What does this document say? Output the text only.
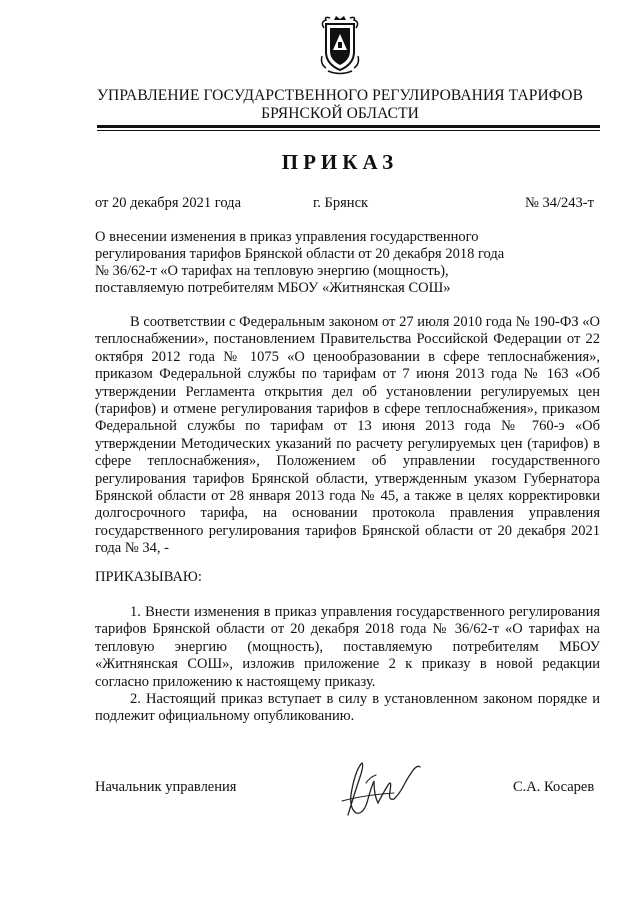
УПРАВЛЕНИЕ ГОСУДАРСТВЕННОГО РЕГУЛИРОВАНИЯ ТАРИФОВ
БРЯНСКОЙ ОБЛАСТИ
ПРИКАЗ
от 20 декабря 2021 года	г. Брянск	№ 34/243-т
О внесении изменения в приказ управления государственного
регулирования тарифов Брянской области от 20 декабря 2018 года
№ 36/62-т «О тарифах на тепловую энергию (мощность),
поставляемую потребителям МБОУ «Житнянская СОШ»

В соответствии с Федеральным законом от 27 июля 2010 года № 190-ФЗ «О теплоснабжении», постановлением Правительства Российской Федерации от 22 октября 2012 года № 1075 «О ценообразовании в сфере теплоснабжения», приказом Федеральной службы по тарифам от 7 июня 2013 года № 163 «Об утверждении Регламента открытия дел об установлении регулируемых цен (тарифов) и отмене регулирования тарифов в сфере теплоснабжения», приказом Федеральной службы по тарифам от 13 июня 2013 года № 760-э «Об утверждении Методических указаний по расчету регулируемых цен (тарифов) в сфере теплоснабжения», Положением об управлении государственного регулирования тарифов Брянской области, утвержденным указом Губернатора Брянской области от 28 января 2013 года № 45, а также в целях корректировки долгосрочного тарифа, на основании протокола правления управления государственного регулирования тарифов Брянской области от 20 декабря 2021 года № 34, -

ПРИКАЗЫВАЮ:

1. Внести изменения в приказ управления государственного регулирования тарифов Брянской области от 20 декабря 2018 года № 36/62-т «О тарифах на тепловую энергию (мощность), поставляемую потребителям МБОУ «Житнянская СОШ», изложив приложение 2 к приказу в новой редакции согласно приложению к настоящему приказу.

2. Настоящий приказ вступает в силу в установленном законом порядке и подлежит официальному опубликованию.

Начальник управления	С.А. Косарев
